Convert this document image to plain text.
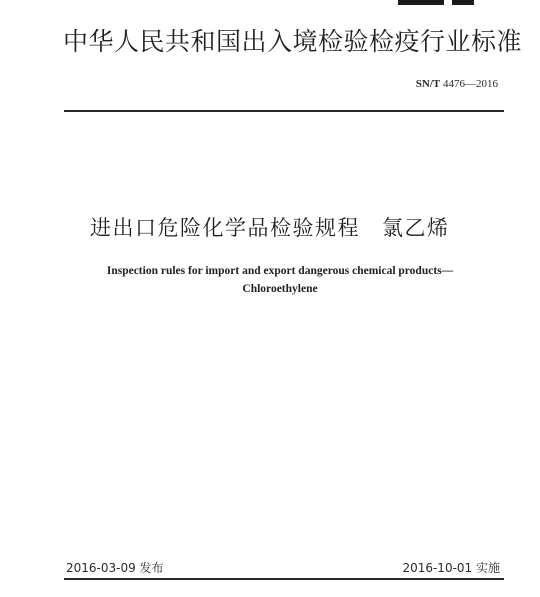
中华人民共和国出入境检验检疫行业标准
SN/T 4476—2016
进出口危险化学品检验规程 氯乙烯
Inspection rules for import and export dangerous chemical products—
Chloroethylene
2016-03-09 发布	2016-10-01 实施
